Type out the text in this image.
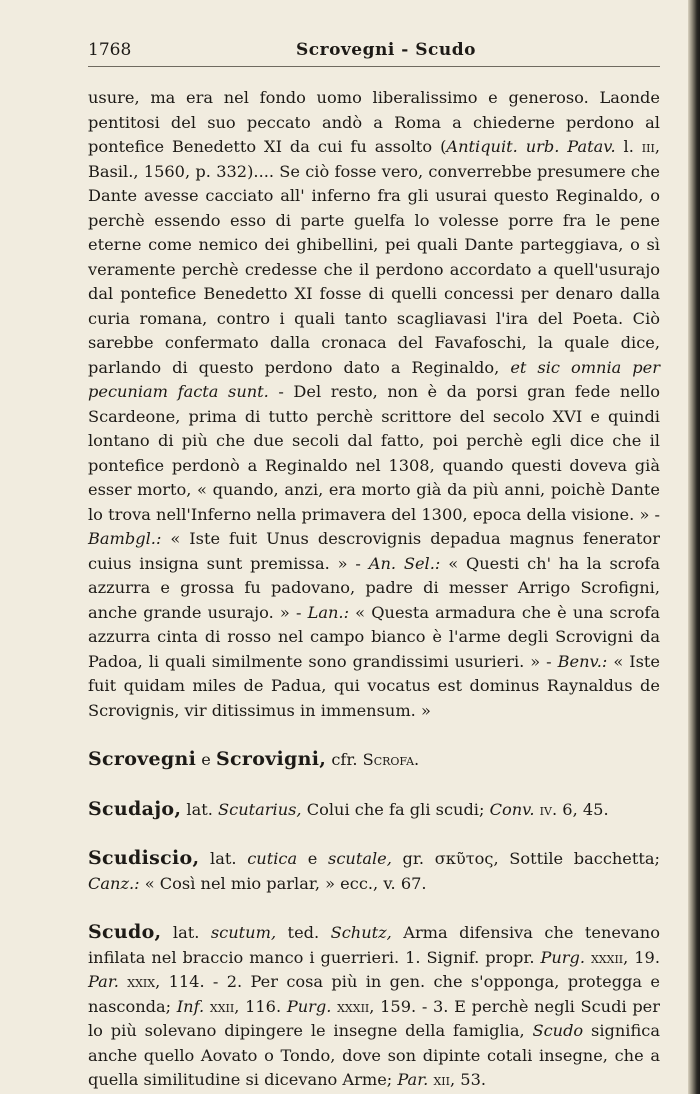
1768	Scrovegni - Scudo

usure, ma era nel fondo uomo liberalissimo e generoso. Laonde pentitosi del suo peccato andò a Roma a chiederne perdono al pontefice Benedetto XI da cui fu assolto (Antiquit. urb. Patav. l. iii, Basil., 1560, p. 332).... Se ciò fosse vero, converrebbe presumere che Dante avesse cacciato all' inferno fra gli usurai questo Reginaldo, o perchè essendo esso di parte guelfa lo volesse porre fra le pene eterne come nemico dei ghibellini, pei quali Dante parteggiava, o sì veramente perchè credesse che il perdono accordato a quell'usurajo dal pontefice Benedetto XI fosse di quelli concessi per denaro dalla curia romana, contro i quali tanto scagliavasi l'ira del Poeta. Ciò sarebbe confermato dalla cronaca del Favafoschi, la quale dice, parlando di questo perdono dato a Reginaldo, et sic omnia per pecuniam facta sunt. - Del resto, non è da porsi gran fede nello Scardeone, prima di tutto perchè scrittore del secolo XVI e quindi lontano di più che due secoli dal fatto, poi perchè egli dice che il pontefice perdonò a Reginaldo nel 1308, quando questi doveva già esser morto, « quando, anzi, era morto già da più anni, poichè Dante lo trova nell'Inferno nella primavera del 1300, epoca della visione. » - Bambgl.: « Iste fuit Unus descrovignis depadua magnus fenerator cuius insigna sunt premissa. » - An. Sel.: « Questi ch' ha la scrofa azzurra e grossa fu padovano, padre di messer Arrigo Scrofigni, anche grande usurajo. » - Lan.: « Questa armadura che è una scrofa azzurra cinta di rosso nel campo bianco è l'arme degli Scrovigni da Padoa, li quali similmente sono grandissimi usurieri. » - Benv.: « Iste fuit quidam miles de Padua, qui vocatus est dominus Raynaldus de Scrovignis, vir ditissimus in immensum. »

Scrovegni e Scrovigni, cfr. Scrofa.

Scudajo, lat. Scutarius, Colui che fa gli scudi; Conv. iv. 6, 45.

Scudiscio, lat. cutica e scutale, gr. σκῦτος, Sottile bacchetta; Canz.: « Così nel mio parlar, » ecc., v. 67.

Scudo, lat. scutum, ted. Schutz, Arma difensiva che tenevano infilata nel braccio manco i guerrieri. 1. Signif. propr. Purg. xxxii, 19. Par. xxix, 114. - 2. Per cosa più in gen. che s'opponga, protegga e nasconda; Inf. xxii, 116. Purg. xxxii, 159. - 3. E perchè negli Scudi per lo più solevano dipingere le insegne della famiglia, Scudo significa anche quello Aovato o Tondo, dove son dipinte cotali insegne, che a quella similitudine si dicevano Arme; Par. xii, 53.
